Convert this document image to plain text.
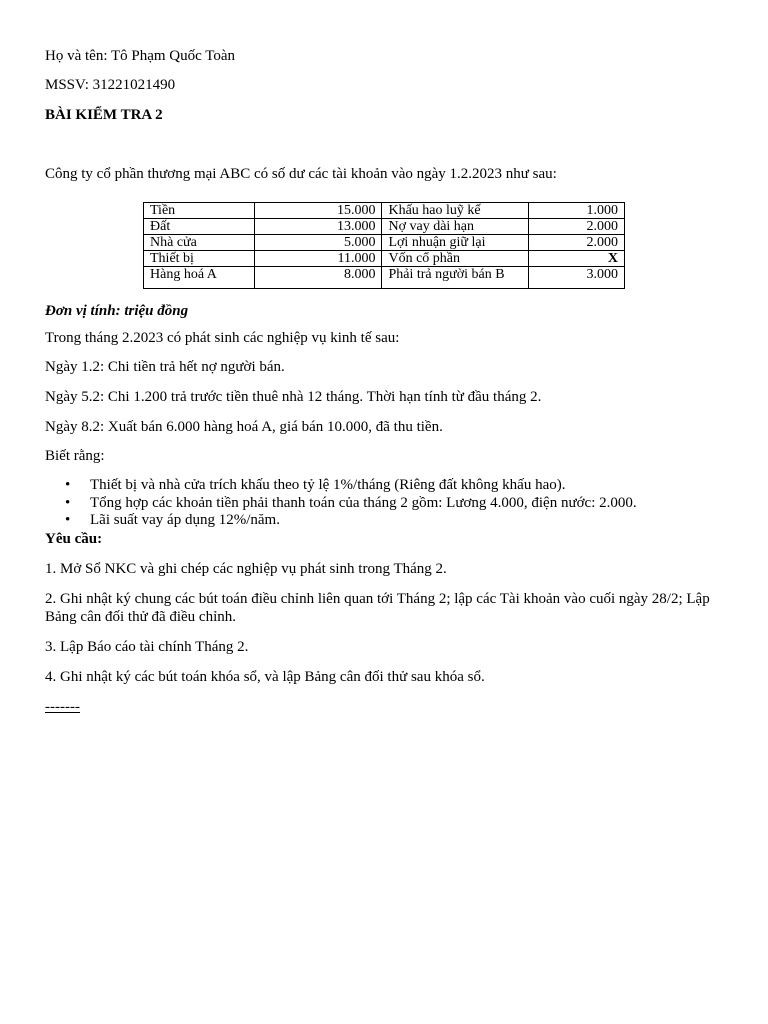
Họ và tên: Tô Phạm Quốc Toàn

MSSV: 31221021490

BÀI KIỂM TRA 2

Công ty cổ phần thương mại ABC có số dư các tài khoản vào ngày 1.2.2023 như sau:

Tiền	15.000	Khấu hao luỹ kế	1.000
Đất	13.000	Nợ vay dài hạn	2.000
Nhà cửa	5.000	Lợi nhuận giữ lại	2.000
Thiết bị	11.000	Vốn cổ phần	X
Hàng hoá A	8.000	Phải trả người bán B	3.000

Đơn vị tính: triệu đồng

Trong tháng 2.2023 có phát sinh các nghiệp vụ kinh tế sau:

Ngày 1.2: Chi tiền trả hết nợ người bán.

Ngày 5.2: Chi 1.200 trả trước tiền thuê nhà 12 tháng. Thời hạn tính từ đầu tháng 2.

Ngày 8.2: Xuất bán 6.000 hàng hoá A, giá bán 10.000, đã thu tiền.

Biết rằng:

• Thiết bị và nhà cửa trích khấu theo tỷ lệ 1%/tháng (Riêng đất không khấu hao).
• Tổng hợp các khoản tiền phải thanh toán của tháng 2 gồm: Lương 4.000, điện nước: 2.000.
• Lãi suất vay áp dụng 12%/năm.

Yêu cầu:

1. Mở Sổ NKC và ghi chép các nghiệp vụ phát sinh trong Tháng 2.

2. Ghi nhật ký chung các bút toán điều chỉnh liên quan tới Tháng 2; lập các Tài khoản vào cuối ngày 28/2; Lập Bảng cân đối thử đã điều chỉnh.

3. Lập Báo cáo tài chính Tháng 2.

4. Ghi nhật ký các bút toán khóa sổ, và lập Bảng cân đối thử sau khóa sổ.

-------
